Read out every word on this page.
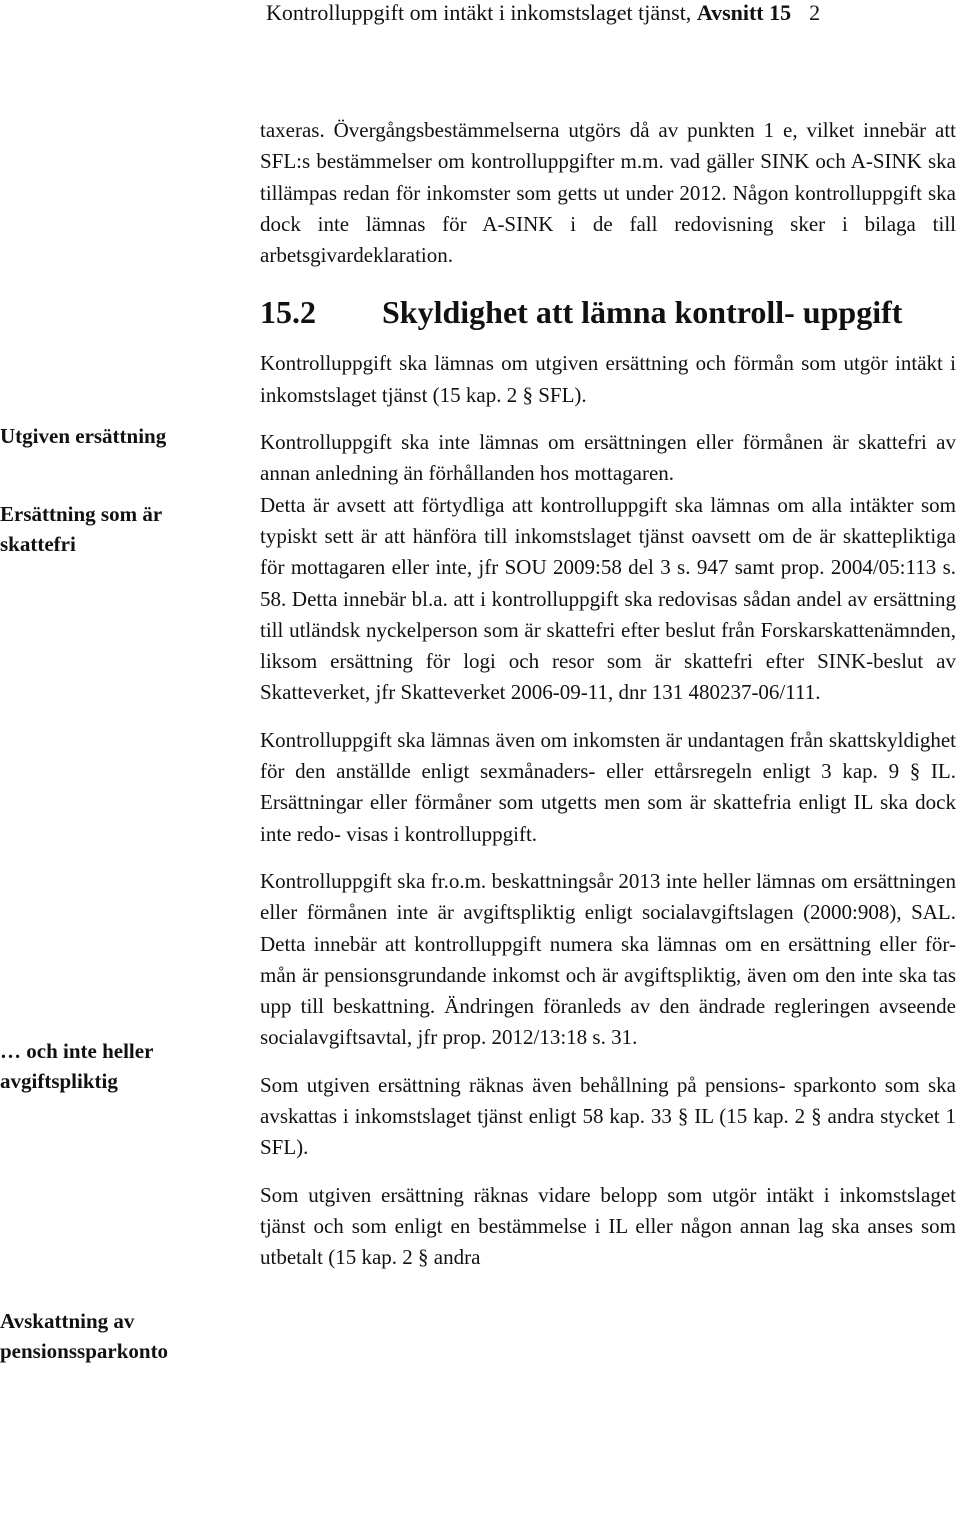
Kontrolluppgift om intäkt i inkomstslaget tjänst, Avsnitt 15 2
Utgiven ersättning
Ersättning som är skattefri
… och inte heller avgiftspliktig
Avskattning av pensionssparkonto

taxeras. Övergångsbestämmelserna utgörs då av punkten 1 e, vilket innebär att SFL:s bestämmelser om kontrolluppgifter m.m. vad gäller SINK och A-SINK ska tillämpas redan för inkomster som getts ut under 2012. Någon kontrolluppgift ska dock inte lämnas för A-SINK i de fall redovisning sker i bilaga till arbetsgivardeklaration.

15.2	Skyldighet att lämna kontroll- uppgift

Kontrolluppgift ska lämnas om utgiven ersättning och förmån som utgör intäkt i inkomstslaget tjänst (15 kap. 2 § SFL).

Kontrolluppgift ska inte lämnas om ersättningen eller förmånen är skattefri av annan anledning än förhållanden hos mottagaren.

Detta är avsett att förtydliga att kontrolluppgift ska lämnas om alla intäkter som typiskt sett är att hänföra till inkomstslaget tjänst oavsett om de är skattepliktiga för mottagaren eller inte, jfr SOU 2009:58 del 3 s. 947 samt prop. 2004/05:113 s. 58. Detta innebär bl.a. att i kontrolluppgift ska redovisas sådan andel av ersättning till utländsk nyckelperson som är skattefri efter beslut från Forskarskattenämnden, liksom ersättning för logi och resor som är skattefri efter SINK-beslut av Skatteverket, jfr Skatteverket 2006-09-11, dnr 131 480237-06/111.

Kontrolluppgift ska lämnas även om inkomsten är undantagen från skattskyldighet för den anställde enligt sexmånaders- eller ettårsregeln enligt 3 kap. 9 § IL. Ersättningar eller förmåner som utgetts men som är skattefria enligt IL ska dock inte redo- visas i kontrolluppgift.

Kontrolluppgift ska fr.o.m. beskattningsår 2013 inte heller lämnas om ersättningen eller förmånen inte är avgiftspliktig enligt socialavgiftslagen (2000:908), SAL. Detta innebär att kontrolluppgift numera ska lämnas om en ersättning eller för- mån är pensionsgrundande inkomst och är avgiftspliktig, även om den inte ska tas upp till beskattning. Ändringen föranleds av den ändrade regleringen avseende socialavgiftsavtal, jfr prop. 2012/13:18 s. 31.

Som utgiven ersättning räknas även behållning på pensions- sparkonto som ska avskattas i inkomstslaget tjänst enligt 58 kap. 33 § IL (15 kap. 2 § andra stycket 1 SFL).

Som utgiven ersättning räknas vidare belopp som utgör intäkt i inkomstslaget tjänst och som enligt en bestämmelse i IL eller någon annan lag ska anses som utbetalt (15 kap. 2 § andra
